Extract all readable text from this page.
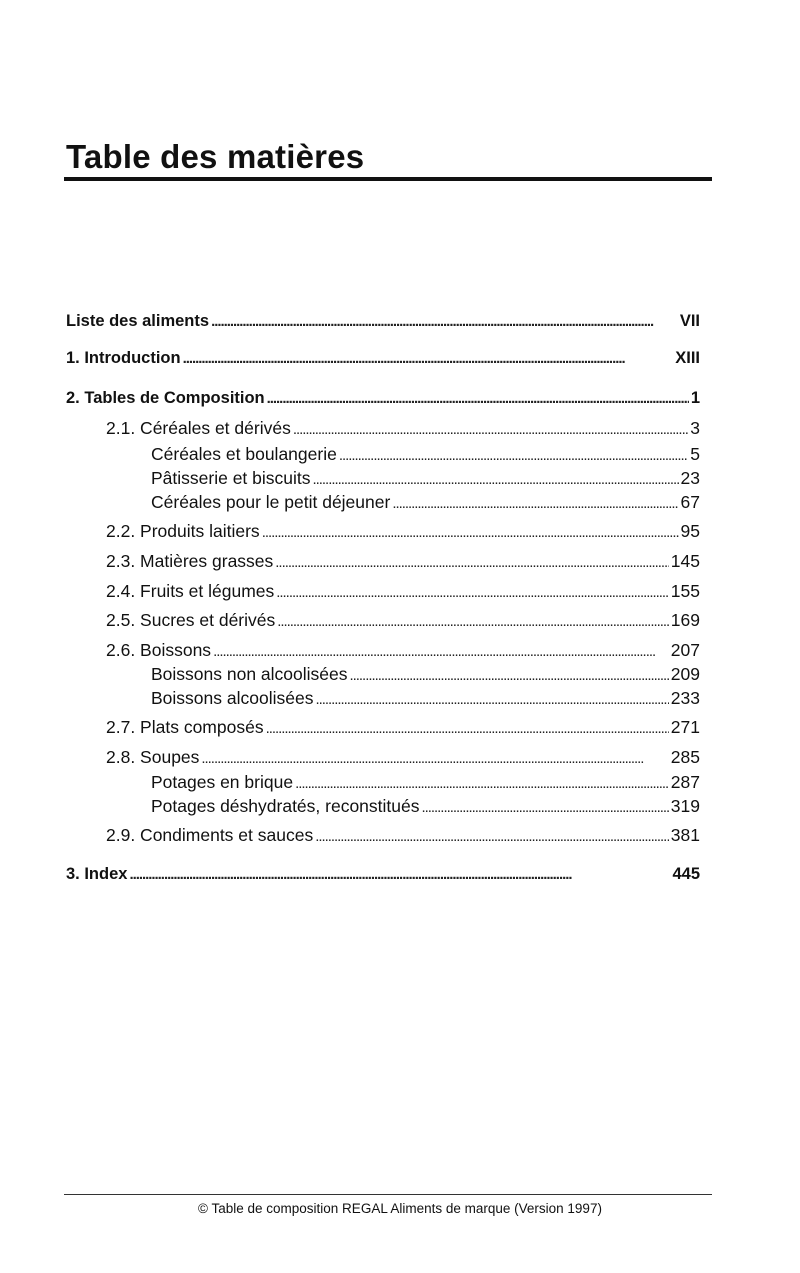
Table des matières
Liste des aliments . . .	VII
1. Introduction . . .	XIII
2. Tables de Composition . . .	1
2.1. Céréales et dérivés . . .	3
Céréales et boulangerie . . .	5
Pâtisserie et biscuits . . .	23
Céréales pour le petit déjeuner . . .	67
2.2. Produits laitiers . . .	95
2.3. Matières grasses . . .	145
2.4. Fruits et légumes . . .	155
2.5. Sucres et dérivés . . .	169
2.6. Boissons . . .	207
Boissons non alcoolisées . . .	209
Boissons alcoolisées . . .	233
2.7. Plats composés . . .	271
2.8. Soupes . . .	285
Potages en brique . . .	287
Potages déshydratés, reconstitués . . .	319
2.9. Condiments et sauces . . .	381
3. Index . . .	445
© Table de composition REGAL Aliments de marque (Version 1997)
